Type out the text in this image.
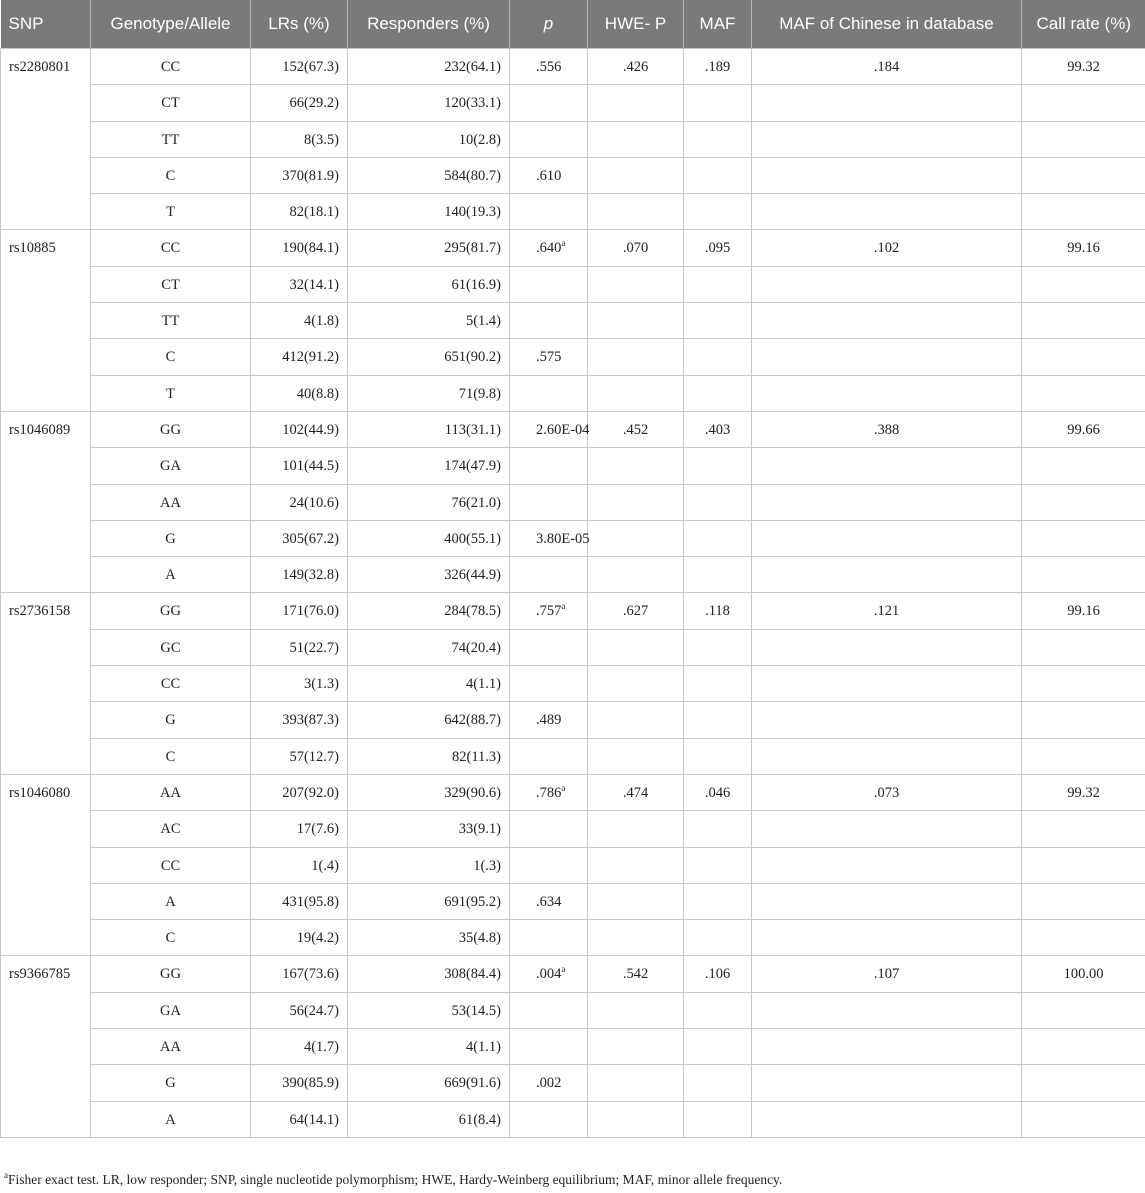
SNP	Genotype/Allele	LRs (%)	Responders (%)	p	HWE- P	MAF	MAF of Chinese in database	Call rate (%)
rs2280801	CC	152(67.3)	232(64.1)	.556	.426	.189	.184	99.32
	CT	66(29.2)	120(33.1)					
	TT	8(3.5)	10(2.8)					
	C	370(81.9)	584(80.7)	.610				
	T	82(18.1)	140(19.3)					
rs10885	CC	190(84.1)	295(81.7)	.640$^a$	.070	.095	.102	99.16
	CT	32(14.1)	61(16.9)					
	TT	4(1.8)	5(1.4)					
	C	412(91.2)	651(90.2)	.575				
	T	40(8.8)	71(9.8)					
rs1046089	GG	102(44.9)	113(31.1)	2.60E-04	.452	.403	.388	99.66
	GA	101(44.5)	174(47.9)					
	AA	24(10.6)	76(21.0)					
	G	305(67.2)	400(55.1)	3.80E-05				
	A	149(32.8)	326(44.9)					
rs2736158	GG	171(76.0)	284(78.5)	.757$^a$	.627	.118	.121	99.16
	GC	51(22.7)	74(20.4)					
	CC	3(1.3)	4(1.1)					
	G	393(87.3)	642(88.7)	.489				
	C	57(12.7)	82(11.3)					
rs1046080	AA	207(92.0)	329(90.6)	.786$^a$	.474	.046	.073	99.32
	AC	17(7.6)	33(9.1)					
	CC	1(.4)	1(.3)					
	A	431(95.8)	691(95.2)	.634				
	C	19(4.2)	35(4.8)					
rs9366785	GG	167(73.6)	308(84.4)	.004$^a$	.542	.106	.107	100.00
	GA	56(24.7)	53(14.5)					
	AA	4(1.7)	4(1.1)					
	G	390(85.9)	669(91.6)	.002				
	A	64(14.1)	61(8.4)					
$^a$Fisher exact test. LR, low responder; SNP, single nucleotide polymorphism; HWE, Hardy-Weinberg equilibrium; MAF, minor allele frequency.
